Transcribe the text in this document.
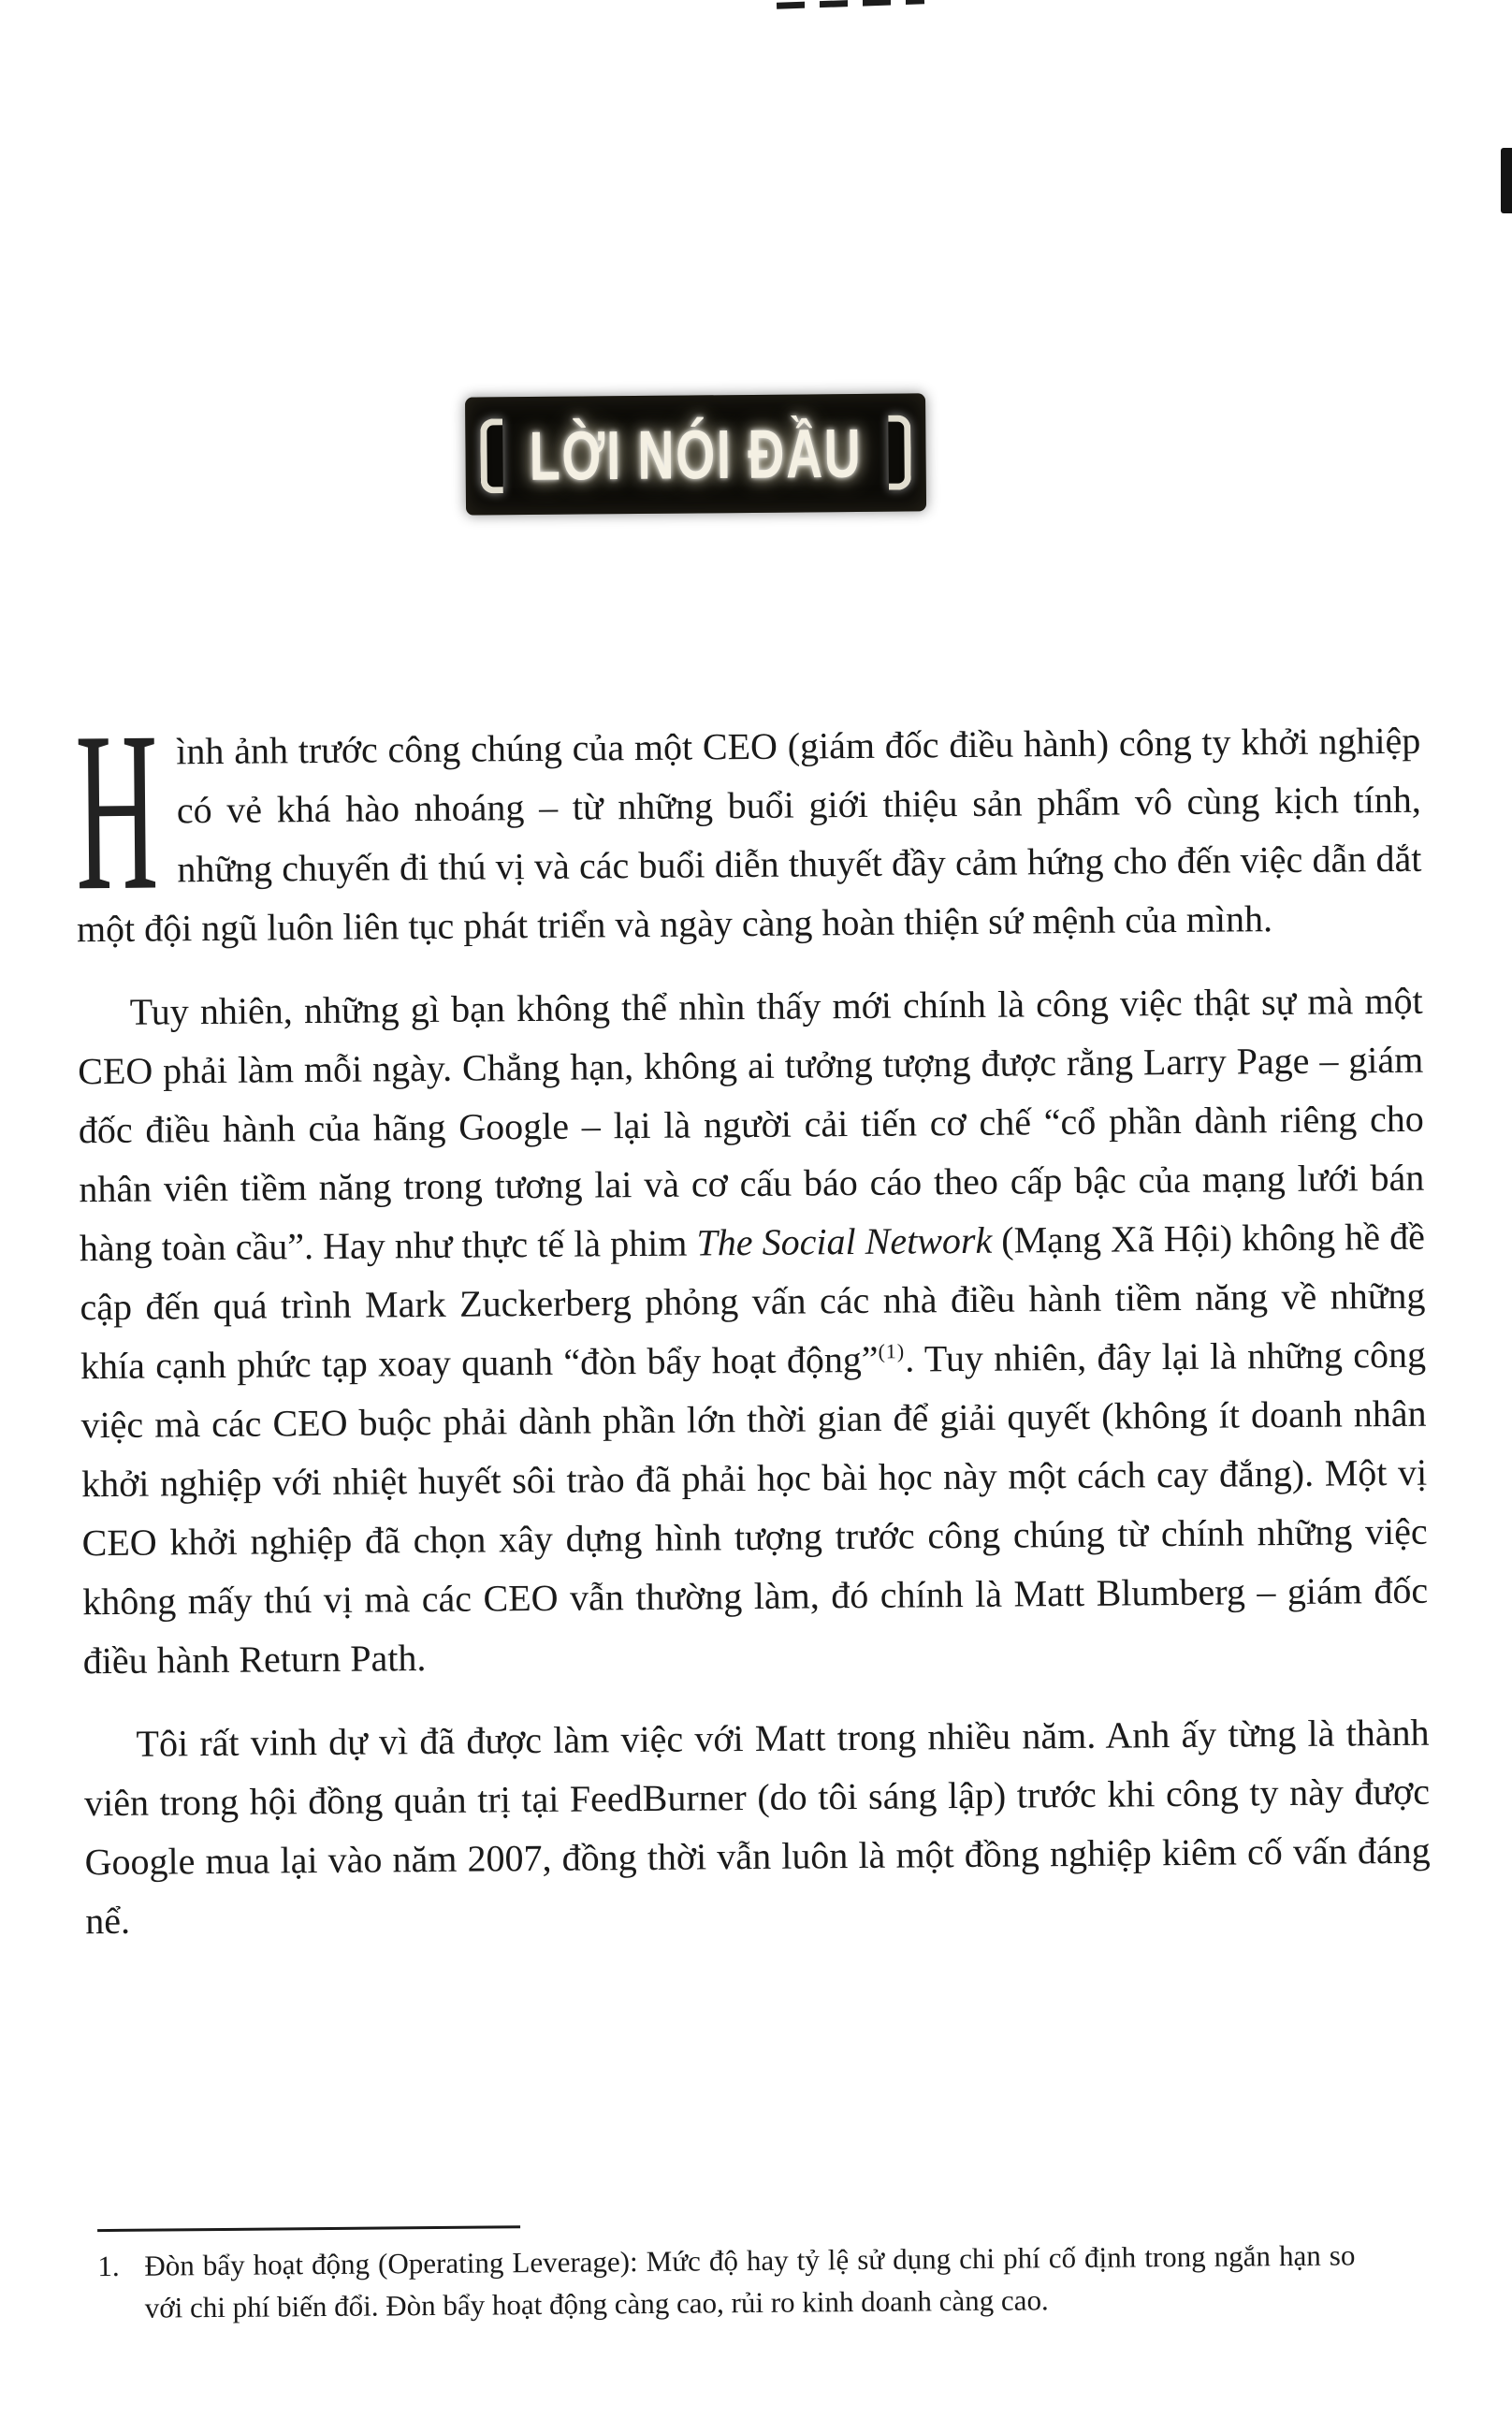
LỜI NÓI ĐẦU

H ình ảnh trước công chúng của một CEO (giám đốc điều hành) công ty khởi nghiệp có vẻ khá hào nhoáng – từ những buổi giới thiệu sản phẩm vô cùng kịch tính, những chuyến đi thú vị và các buổi diễn thuyết đầy cảm hứng cho đến việc dẫn dắt một đội ngũ luôn liên tục phát triển và ngày càng hoàn thiện sứ mệnh của mình.

Tuy nhiên, những gì bạn không thể nhìn thấy mới chính là công việc thật sự mà một CEO phải làm mỗi ngày. Chẳng hạn, không ai tưởng tượng được rằng Larry Page – giám đốc điều hành của hãng Google – lại là người cải tiến cơ chế “cổ phần dành riêng cho nhân viên tiềm năng trong tương lai và cơ cấu báo cáo theo cấp bậc của mạng lưới bán hàng toàn cầu”. Hay như thực tế là phim The Social Network (Mạng Xã Hội) không hề đề cập đến quá trình Mark Zuckerberg phỏng vấn các nhà điều hành tiềm năng về những khía cạnh phức tạp xoay quanh “đòn bẩy hoạt động”$^{(1)}$. Tuy nhiên, đây lại là những công việc mà các CEO buộc phải dành phần lớn thời gian để giải quyết (không ít doanh nhân khởi nghiệp với nhiệt huyết sôi trào đã phải học bài học này một cách cay đắng). Một vị CEO khởi nghiệp đã chọn xây dựng hình tượng trước công chúng từ chính những việc không mấy thú vị mà các CEO vẫn thường làm, đó chính là Matt Blumberg – giám đốc điều hành Return Path.

Tôi rất vinh dự vì đã được làm việc với Matt trong nhiều năm. Anh ấy từng là thành viên trong hội đồng quản trị tại FeedBurner (do tôi sáng lập) trước khi công ty này được Google mua lại vào năm 2007, đồng thời vẫn luôn là một đồng nghiệp kiêm cố vấn đáng nể.

1. Đòn bẩy hoạt động (Operating Leverage): Mức độ hay tỷ lệ sử dụng chi phí cố định trong ngắn hạn so với chi phí biến đổi. Đòn bẩy hoạt động càng cao, rủi ro kinh doanh càng cao.
